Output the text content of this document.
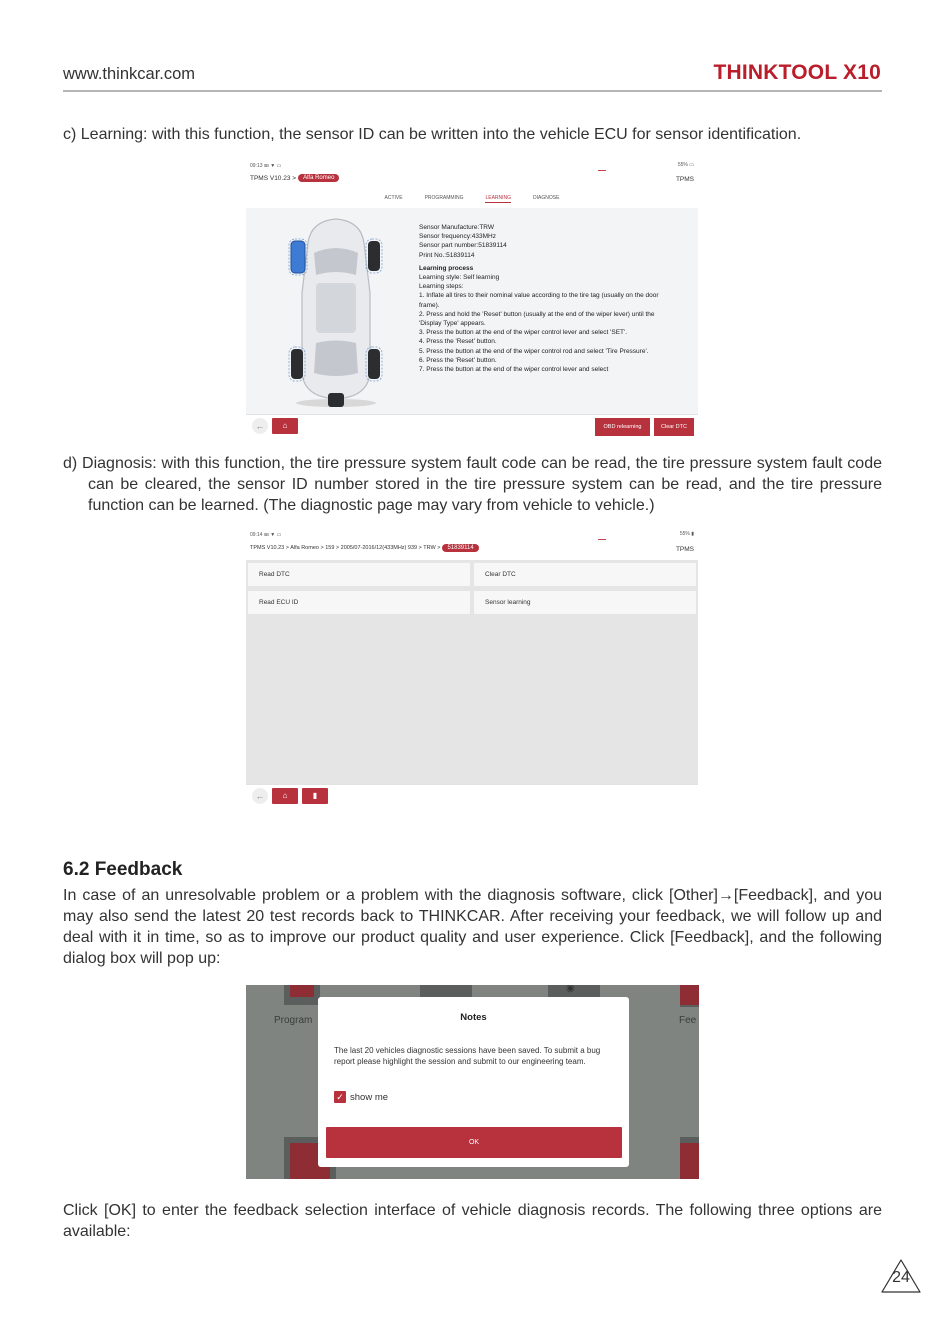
www.thinkcar.com	THINKTOOL X10
c) Learning: with this function, the sensor ID can be written into the vehicle ECU for sensor identification.
09:13 ㎜ ▼ ▭	55% ▭
TPMS V10.23 >	Alfa Romeo	TPMS
ACTIVE	PROGRAMMING	LEARNING	DIAGNOSE
Sensor Manufacture:TRW
Sensor frequency:433MHz
Sensor part number:51839114
Print No.:51839114
Learning process
Learning style: Self learning
Learning steps:
1. Inflate all tires to their nominal value according to the tire tag (usually on the door frame).
2. Press and hold the 'Reset' button (usually at the end of the wiper lever) until the 'Display Type' appears.
3. Press the button at the end of the wiper control lever and select 'SET'.
4. Press the 'Reset' button.
5. Press the button at the end of the wiper control rod and select 'Tire Pressure'.
6. Press the 'Reset' button.
7. Press the button at the end of the wiper control lever and select
←	⌂	OBD relearning	Clear DTC
d) Diagnosis: with this function, the tire pressure system fault code can be read, the tire pressure system fault code can be cleared, the sensor ID number stored in the tire pressure system can be read, and the tire pressure function can be learned. (The diagnostic page may vary from vehicle to vehicle.)
09:14 ㎜ ▼ ▭	55% ▮
TPMS V10.23 > Alfa Romeo > 159 > 2005/07-2016/12(433MHz) 939 > TRW >	51839114	TPMS
Read DTC	Clear DTC
Read ECU ID	Sensor learning
←	⌂	▮
6.2 Feedback
In case of an unresolvable problem or a problem with the diagnosis software, click [Other]→[Feedback], and you may also send the latest 20 test records back to THINKCAR. After receiving your feedback, we will follow up and deal with it in time, so as to improve our product quality and user experience. Click [Feedback], and the following dialog box will pop up:
◉
Program	Fee
Notes
The last 20 vehicles diagnostic sessions have been saved. To submit a bug report please highlight the session and submit to our engineering team.
✓ show me
OK
Click [OK] to enter the feedback selection interface of vehicle diagnosis records. The following three options are available:
24
